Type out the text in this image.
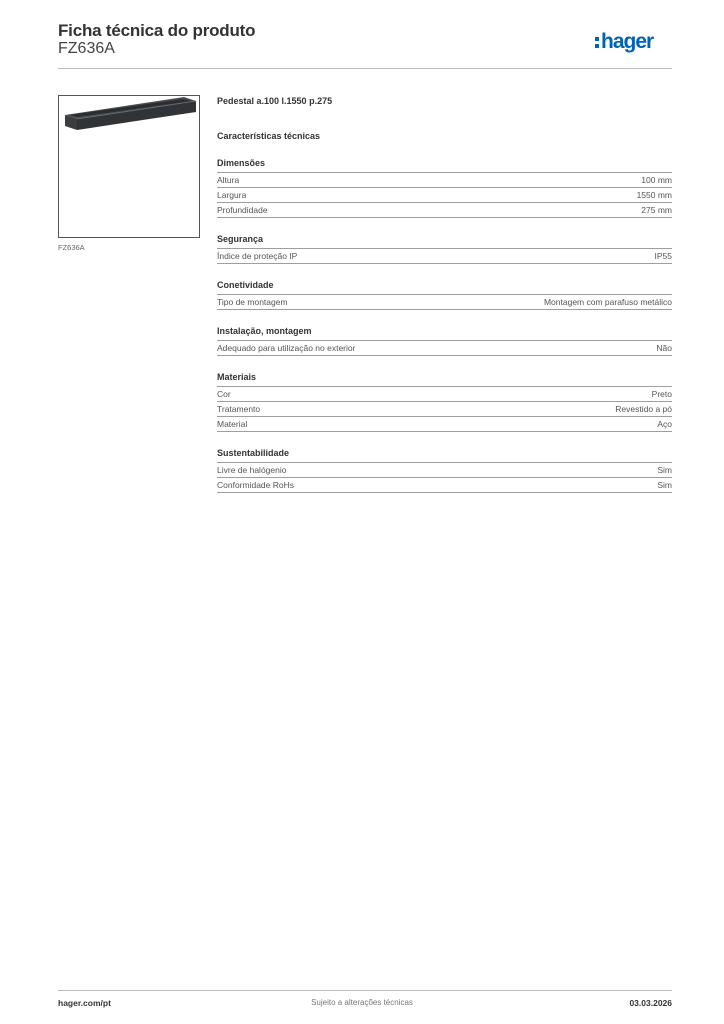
Ficha técnica do produto
FZ636A	hager
FZ636A
Pedestal a.100 l.1550 p.275
Características técnicas
Dimensões
Altura	100 mm
Largura	1550 mm
Profundidade	275 mm
Segurança
Índice de proteção IP	IP55
Conetividade
Tipo de montagem	Montagem com parafuso metálico
Instalação, montagem
Adequado para utilização no exterior	Não
Materiais
Cor	Preto
Tratamento	Revestido a pó
Material	Aço
Sustentabilidade
Livre de halógenio	Sim
Conformidade RoHs	Sim
hager.com/pt	Sujeito a alterações técnicas	03.03.2026
